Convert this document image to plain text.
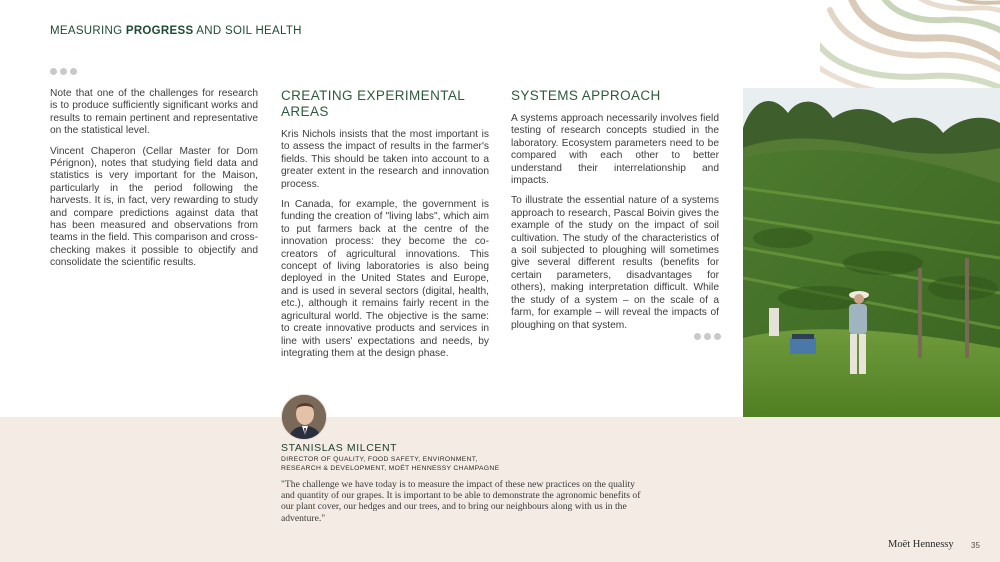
MEASURING PROGRESS AND SOIL HEALTH

Note that one of the challenges for research is to produce sufficiently significant works and results to remain pertinent and representative on the statistical level.

Vincent Chaperon (Cellar Master for Dom Pérignon), notes that studying field data and statistics is very important for the Maison, particularly in the period following the harvests. It is, in fact, very rewarding to study and compare predictions against data that has been measured and observations from teams in the field. This comparison and cross-checking makes it possible to objectify and consolidate the scientific results.

CREATING EXPERIMENTAL AREAS

Kris Nichols insists that the most important is to assess the impact of results in the farmer's fields. This should be taken into account to a greater extent in the research and innovation process.

In Canada, for example, the government is funding the creation of "living labs", which aim to put farmers back at the centre of the innovation process: they become the co-creators of agricultural innovations. This concept of living laboratories is also being deployed in the United States and Europe, and is used in several sectors (digital, health, etc.), although it remains fairly recent in the agricultural world. The objective is the same: to create innovative products and services in line with users' expectations and needs, by integrating them at the design phase.

SYSTEMS APPROACH

A systems approach necessarily involves field testing of research concepts studied in the laboratory. Ecosystem parameters need to be compared with each other to better understand their interrelationship and impacts.

To illustrate the essential nature of a systems approach to research, Pascal Boivin gives the example of the study on the impact of soil cultivation. The study of the characteristics of a soil subjected to ploughing will sometimes give several different results (benefits for certain parameters, disadvantages for others), making interpretation difficult. While the study of a system – on the scale of a farm, for example – will reveal the impacts of ploughing on that system.

STANISLAS MILCENT
DIRECTOR OF QUALITY, FOOD SAFETY, ENVIRONMENT,
RESEARCH & DEVELOPMENT, MOËT HENNESSY CHAMPAGNE
"The challenge we have today is to measure the impact of these new practices on the quality and quantity of our grapes. It is important to be able to demonstrate the agronomic benefits of our plant cover, our hedges and our trees, and to bring our neighbours along with us in the adventure."
Moët Hennessy 35
